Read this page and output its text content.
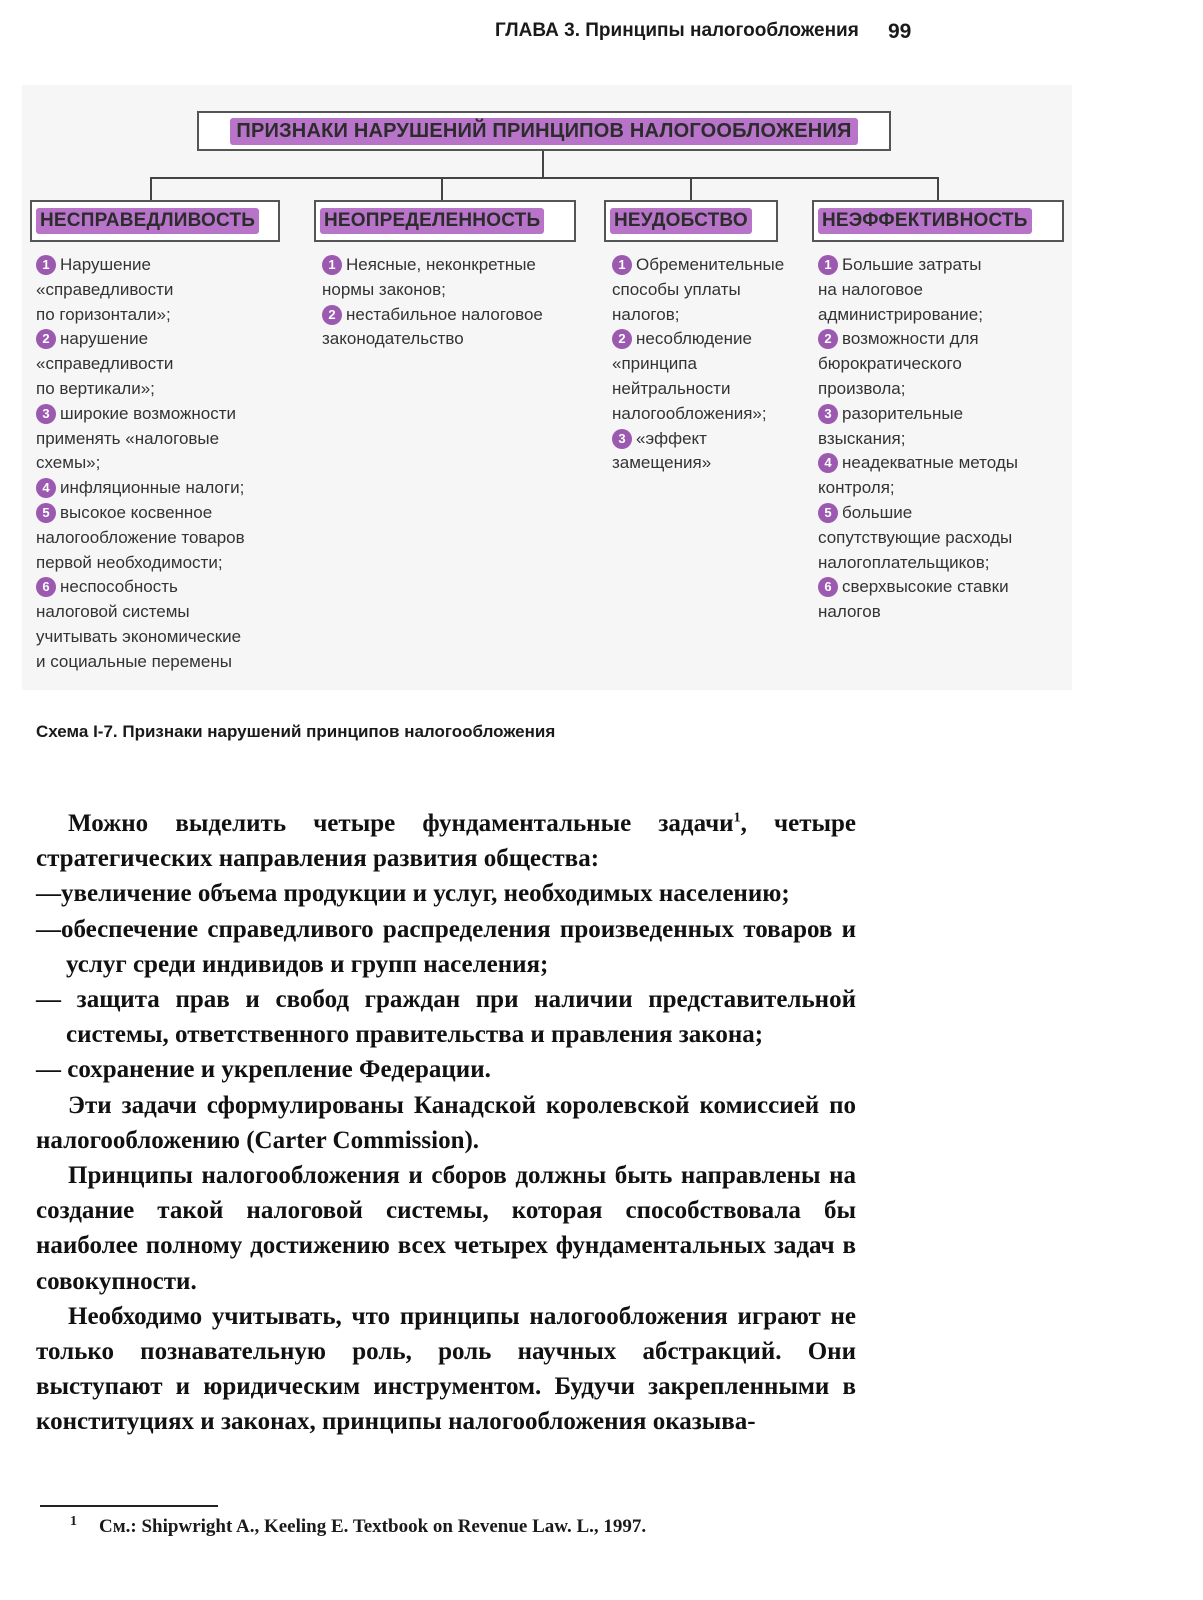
ГЛАВА 3. Принципы налогообложения 99
ПРИЗНАКИ НАРУШЕНИЙ ПРИНЦИПОВ НАЛОГООБЛОЖЕНИЯ
НЕСПРАВЕДЛИВОСТЬ	НЕОПРЕДЕЛЕННОСТЬ	НЕУДОБСТВО	НЕЭФФЕКТИВНОСТЬ
1 Нарушение
«справедливости
по горизонтали»;
2 нарушение
«справедливости
по вертикали»;
3 широкие возможности
применять «налоговые
схемы»;
4 инфляционные налоги;
5 высокое косвенное
налогообложение товаров
первой необходимости;
6 неспособность
налоговой системы
учитывать экономические
и социальные перемены
1 Неясные, неконкретные
нормы законов;
2 нестабильное налоговое
законодательство
1 Обременительные
способы уплаты
налогов;
2 несоблюдение
«принципа
нейтральности
налогообложения»;
3 «эффект
замещения»
1 Большие затраты
на налоговое
администрирование;
2 возможности для
бюрократического
произвола;
3 разорительные
взыскания;
4 неадекватные методы
контроля;
5 большие
сопутствующие расходы
налогоплательщиков;
6 сверхвысокие ставки
налогов
Схема I-7. Признаки нарушений принципов налогообложения

Можно выделить четыре фундаментальные задачи$^1$, четыре стратегических направления развития общества:

—увеличение объема продукции и услуг, необходимых населению;

—обеспечение справедливого распределения произведенных товаров и услуг среди индивидов и групп населения;

— защита прав и свобод граждан при наличии представительной системы, ответственного правительства и правления закона;

— сохранение и укрепление Федерации.

Эти задачи сформулированы Канадской королевской комиссией по налогообложению (Carter Commission).

Принципы налогообложения и сборов должны быть направлены на создание такой налоговой системы, которая способствовала бы наиболее полному достижению всех четырех фундаментальных задач в совокупности.

Необходимо учитывать, что принципы налогообложения играют не только познавательную роль, роль научных абстракций. Они выступают и юридическим инструментом. Будучи закрепленными в конституциях и законах, принципы налогообложения оказыва-

$^1$ См.: Shipwright A., Keeling E. Textbook on Revenue Law. L., 1997.
